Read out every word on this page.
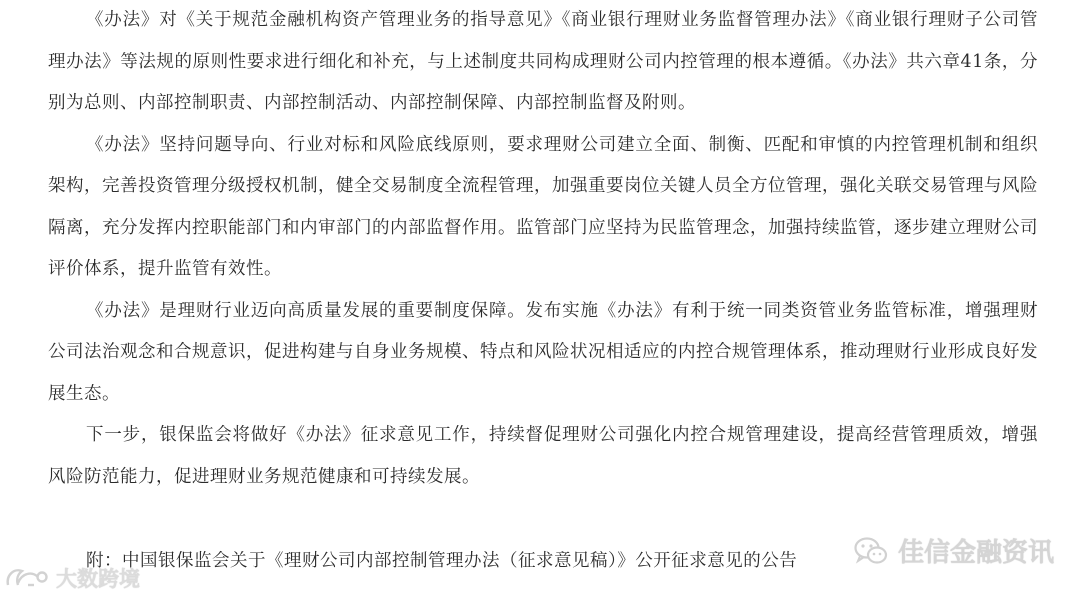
《办法》对《关于规范金融机构资产管理业务的指导意见》《商业银行理财业务监督管理办法》《商业银行理财子公司管理办法》等法规的原则性要求进行细化和补充，与上述制度共同构成理财公司内控管理的根本遵循。《办法》共六章41条，分别为总则、内部控制职责、内部控制活动、内部控制保障、内部控制监督及附则。

《办法》坚持问题导向、行业对标和风险底线原则，要求理财公司建立全面、制衡、匹配和审慎的内控管理机制和组织架构，完善投资管理分级授权机制，健全交易制度全流程管理，加强重要岗位关键人员全方位管理，强化关联交易管理与风险隔离，充分发挥内控职能部门和内审部门的内部监督作用。监管部门应坚持为民监管理念，加强持续监管，逐步建立理财公司评价体系，提升监管有效性。

《办法》是理财行业迈向高质量发展的重要制度保障。发布实施《办法》有利于统一同类资管业务监管标准，增强理财公司法治观念和合规意识，促进构建与自身业务规模、特点和风险状况相适应的内控合规管理体系，推动理财行业形成良好发展生态。

下一步，银保监会将做好《办法》征求意见工作，持续督促理财公司强化内控合规管理建设，提高经营管理质效，增强风险防范能力，促进理财业务规范健康和可持续发展。

附：中国银保监会关于《理财公司内部控制管理办法（征求意见稿）》公开征求意见的公告	佳信金融资讯
大数跨境
